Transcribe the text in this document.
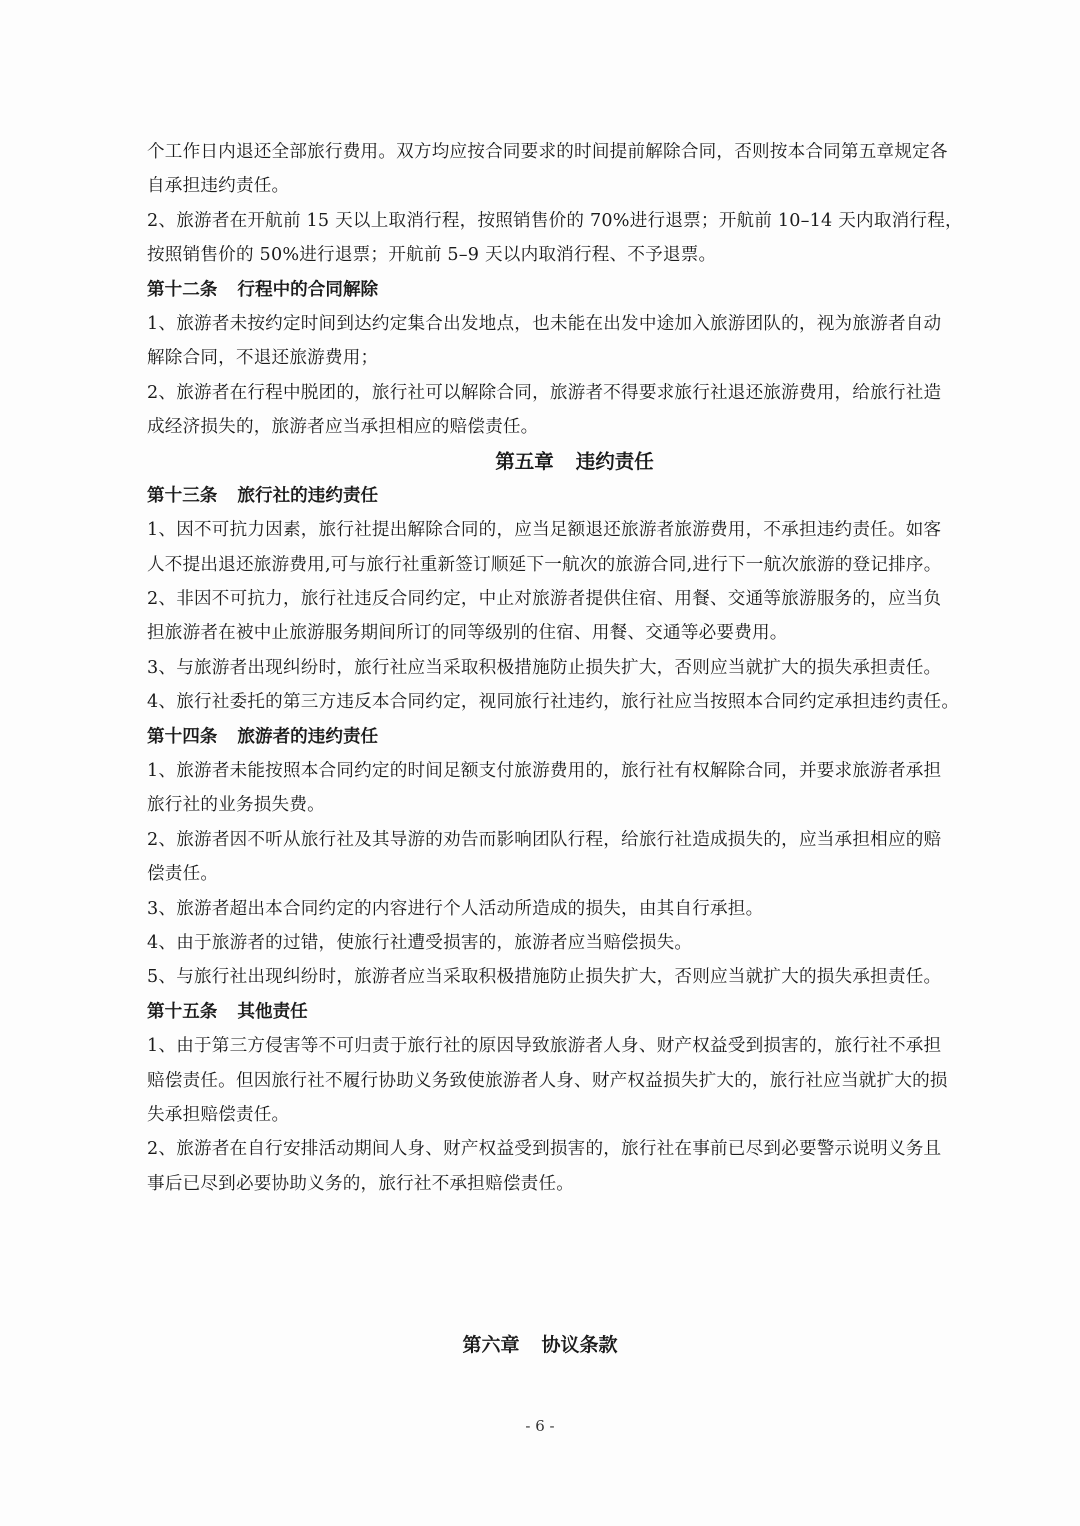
个工作日内退还全部旅行费用。双方均应按合同要求的时间提前解除合同，否则按本合同第五章规定各
自承担违约责任。
2、旅游者在开航前 15 天以上取消行程，按照销售价的 70%进行退票；开航前 10–14 天内取消行程，
按照销售价的 50%进行退票；开航前 5–9 天以内取消行程、不予退票。
第十二条 行程中的合同解除
1、旅游者未按约定时间到达约定集合出发地点，也未能在出发中途加入旅游团队的，视为旅游者自动
解除合同，不退还旅游费用；
2、旅游者在行程中脱团的，旅行社可以解除合同，旅游者不得要求旅行社退还旅游费用，给旅行社造
成经济损失的，旅游者应当承担相应的赔偿责任。
第五章 违约责任
第十三条 旅行社的违约责任
1、因不可抗力因素，旅行社提出解除合同的，应当足额退还旅游者旅游费用，不承担违约责任。如客
人不提出退还旅游费用,可与旅行社重新签订顺延下一航次的旅游合同,进行下一航次旅游的登记排序。
2、非因不可抗力，旅行社违反合同约定，中止对旅游者提供住宿、用餐、交通等旅游服务的，应当负
担旅游者在被中止旅游服务期间所订的同等级别的住宿、用餐、交通等必要费用。
3、与旅游者出现纠纷时，旅行社应当采取积极措施防止损失扩大，否则应当就扩大的损失承担责任。
4、旅行社委托的第三方违反本合同约定，视同旅行社违约，旅行社应当按照本合同约定承担违约责任。
第十四条 旅游者的违约责任
1、旅游者未能按照本合同约定的时间足额支付旅游费用的，旅行社有权解除合同，并要求旅游者承担
旅行社的业务损失费。
2、旅游者因不听从旅行社及其导游的劝告而影响团队行程，给旅行社造成损失的，应当承担相应的赔
偿责任。
3、旅游者超出本合同约定的内容进行个人活动所造成的损失，由其自行承担。
4、由于旅游者的过错，使旅行社遭受损害的，旅游者应当赔偿损失。
5、与旅行社出现纠纷时，旅游者应当采取积极措施防止损失扩大，否则应当就扩大的损失承担责任。
第十五条 其他责任
1、由于第三方侵害等不可归责于旅行社的原因导致旅游者人身、财产权益受到损害的，旅行社不承担
赔偿责任。但因旅行社不履行协助义务致使旅游者人身、财产权益损失扩大的，旅行社应当就扩大的损
失承担赔偿责任。
2、旅游者在自行安排活动期间人身、财产权益受到损害的，旅行社在事前已尽到必要警示说明义务且
事后已尽到必要协助义务的，旅行社不承担赔偿责任。
第六章 协议条款
- 6 -
